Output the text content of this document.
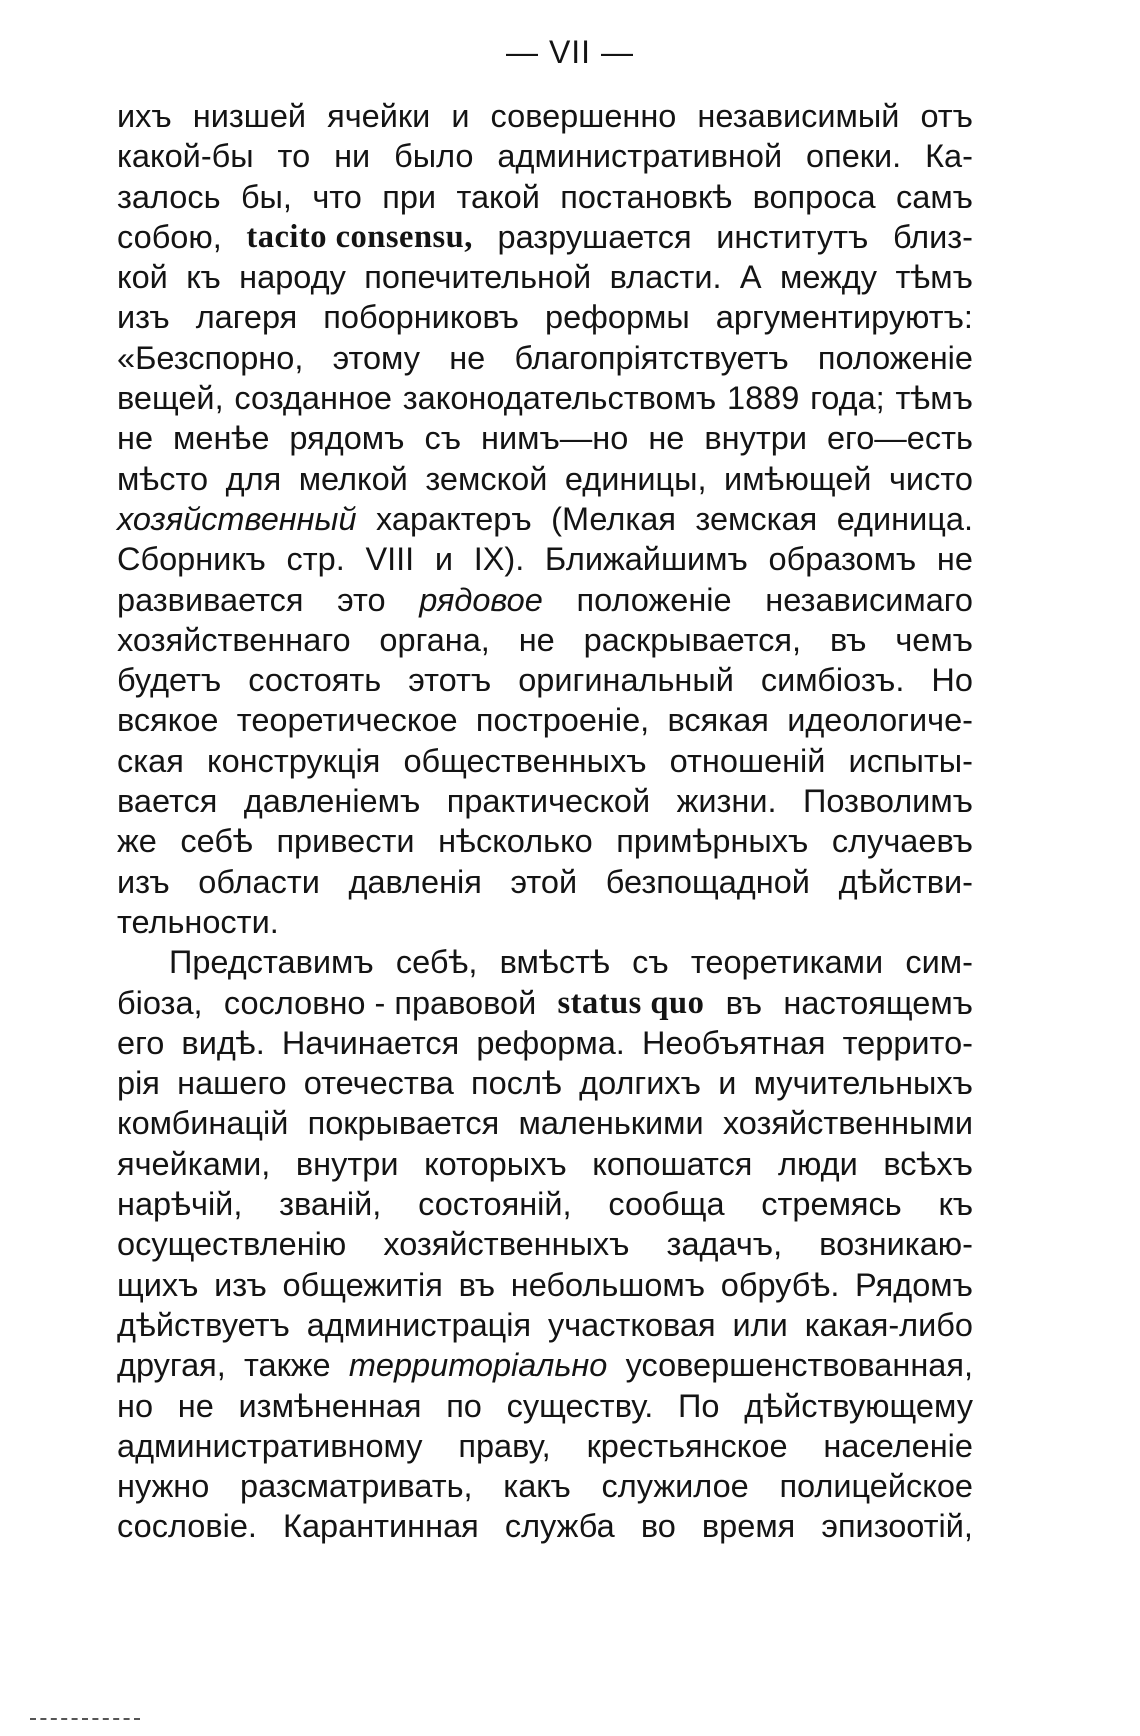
— VII —
ихъ низшей ячейки и совершенно независимый отъ
какой-бы то ни было административной опеки. Ка-
залось бы, что при такой постановкѣ вопроса самъ
собою, tacito consensu, разрушается институтъ близ-
кой къ народу попечительной власти. А между тѣмъ
изъ лагеря поборниковъ реформы аргументируютъ:
«Безспорно, этому не благопріятствуетъ положеніе
вещей, созданное законодательствомъ 1889 года; тѣмъ
не менѣе рядомъ съ нимъ—но не внутри его—есть
мѣсто для мелкой земской единицы, имѣющей чисто
хозяйственный характеръ (Мелкая земская единица.
Сборникъ стр. VIII и IX). Ближайшимъ образомъ не
развивается это рядовое положеніе независимаго
хозяйственнаго органа, не раскрывается, въ чемъ
будетъ состоять этотъ оригинальный симбіозъ. Но
всякое теоретическое построеніе, всякая идеологиче-
ская конструкція общественныхъ отношеній испыты-
вается давленіемъ практической жизни. Позволимъ
же себѣ привести нѣсколько примѣрныхъ случаевъ
изъ области давленія этой безпощадной дѣйстви-
тельности.
Представимъ себѣ, вмѣстѣ съ теоретиками сим-
біоза, сословно - правовой status quo въ настоящемъ
его видѣ. Начинается реформа. Необъятная террито-
рія нашего отечества послѣ долгихъ и мучительныхъ
комбинацій покрывается маленькими хозяйственными
ячейками, внутри которыхъ копошатся люди всѣхъ
нарѣчій, званій, состояній, сообща стремясь къ
осуществленію хозяйственныхъ задачъ, возникаю-
щихъ изъ общежитія въ небольшомъ обрубѣ. Рядомъ
дѣйствуетъ администрація участковая или какая-либо
другая, также территоріально усовершенствованная,
но не измѣненная по существу. По дѣйствующему
административному праву, крестьянское населеніе
нужно разсматривать, какъ служилое полицейское
сословіе. Карантинная служба во время эпизоотій,
